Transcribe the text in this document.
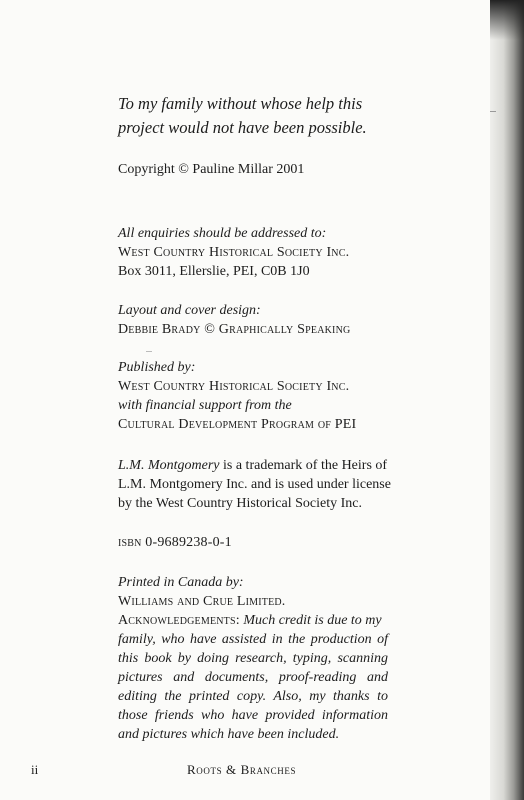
To my family without whose help this
project would not have been possible.
Copyright © Pauline Millar 2001
All enquiries should be addressed to:
West Country Historical Society Inc.
Box 3011, Ellerslie, PEI, C0B 1J0
Layout and cover design:
Debbie Brady © Graphically Speaking
Published by:
West Country Historical Society Inc.
with financial support from the
Cultural Development Program of PEI
L.M. Montgomery is a trademark of the Heirs of
L.M. Montgomery Inc. and is used under license
by the West Country Historical Society Inc.
isbn 0-9689238-0-1
Printed in Canada by:
Williams and Crue Limited.
Acknowledgements: Much credit is due to my
family, who have assisted in the production of
this book by doing research, typing, scanning
pictures and documents, proof-reading and
editing the printed copy. Also, my thanks to
those friends who have provided information
and pictures which have been included.
ii	Roots & Branches
